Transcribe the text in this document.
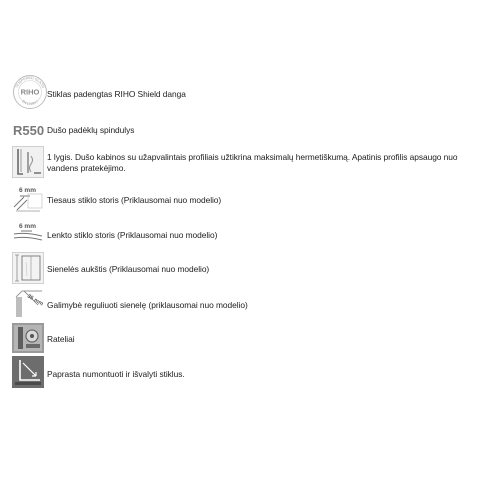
TEMPERED GLASS
EN 12150-1
RIHO Stiklas padengtas RIHO Shield danga
R550 Dušo padėklų spindulys
1 lygis. Dušo kabinos su užapvalintais profiliais užtikrina maksimalų hermetiškumą. Apatinis profilis apsaugo nuo vandens pratekėjimo.
6 mm
Tiesaus stiklo storis (Priklausomai nuo modelio)
6 mm
Lenkto stiklo storis (Priklausomai nuo modelio)
Sienelės aukštis (Priklausomai nuo modelio)
35 mm Galimybė reguliuoti sienelę (priklausomai nuo modelio)
Rateliai
Paprasta numontuoti ir išvalyti stiklus.
